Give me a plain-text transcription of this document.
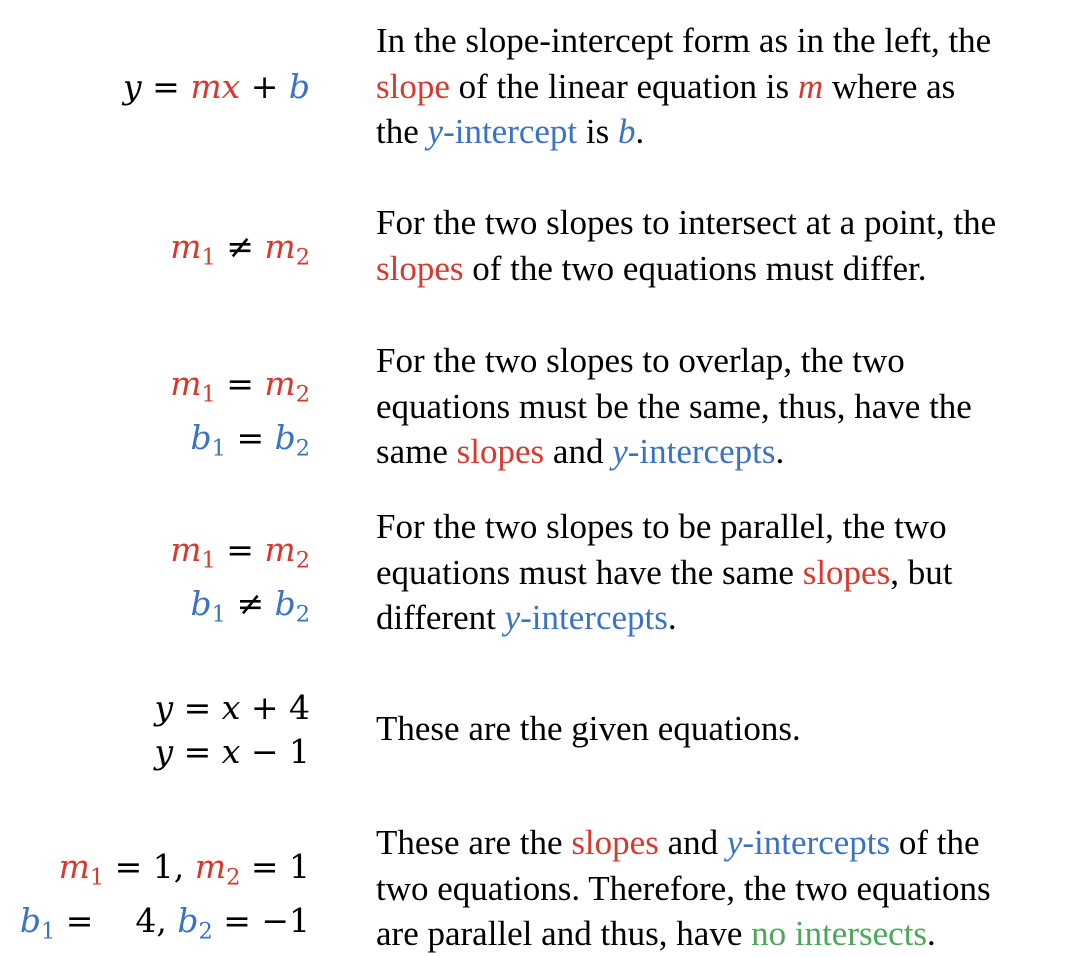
y = mx + b
In the slope-intercept form as in the left, the
slope of the linear equation is m where as
the y-intercept is b.
$m_1 \ne m_2$
For the two slopes to intersect at a point, the
slopes of the two equations must differ.
$m_1 = m_2$
$b_1 = b_2$
For the two slopes to overlap, the two
equations must be the same, thus, have the
same slopes and y-intercepts.
$m_1 = m_2$
$b_1 \ne b_2$
For the two slopes to be parallel, the two
equations must have the same slopes, but
different y-intercepts.
y = x + 4
y = x − 1
These are the given equations.
$m_1 = 1$, $m_2 = 1$
$b_1$ =    4, $b_2 = -1$
These are the slopes and y-intercepts of the
two equations. Therefore, the two equations
are parallel and thus, have no intersects.
